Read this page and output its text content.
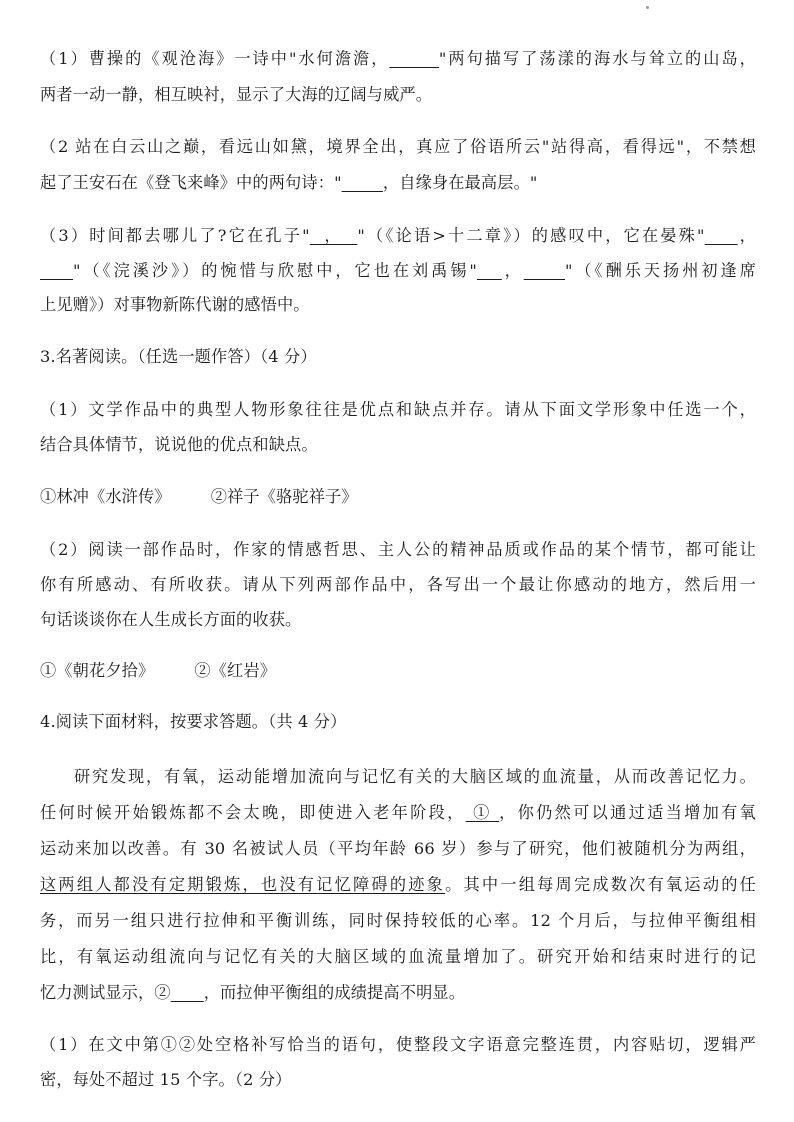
（1）曹操的《观沧海》一诗中"水何澹澹，______"两句描写了荡漾的海水与耸立的山岛，
两者一动一静，相互映衬，显示了大海的辽阔与威严。
（2 站在白云山之巅，看远山如黛，境界全出，真应了俗语所云"站得高，看得远"，不禁想
起了王安石在《登飞来峰》中的两句诗："_____，自缘身在最高层。"
（3）时间都去哪儿了?它在孔子"  ，  "（《论语>十二章》）的感叹中，它在晏殊"____，
____"（《浣溪沙》）的惋惜与欣慰中，它也在刘禹锡"___，_____"（《酬乐天扬州初逢席
上见赠》）对事物新陈代谢的感悟中。
3.名著阅读。（任选一题作答）（4 分）
（1）文学作品中的典型人物形象往往是优点和缺点并存。请从下面文学形象中任选一个，
结合具体情节，说说他的优点和缺点。
①林冲《水浒传》 ②祥子《骆驼祥子》
（2）阅读一部作品时，作家的情感哲思、主人公的精神品质或作品的某个情节，都可能让
你有所感动、有所收获。请从下列两部作品中，各写出一个最让你感动的地方，然后用一
句话谈谈你在人生成长方面的收获。
①《朝花夕拾》 ②《红岩》
4.阅读下面材料，按要求答题。（共 4 分）
研究发现，有氧，运动能增加流向与记忆有关的大脑区域的血流量，从而改善记忆力。
任何时候开始锻炼都不会太晚，即使进入老年阶段， ① ，你仍然可以通过适当增加有氧
运动来加以改善。有 30 名被试人员（平均年龄 66 岁）参与了研究，他们被随机分为两组，
这两组人都没有定期锻炼，也没有记忆障碍的迹象。其中一组每周完成数次有氧运动的任
务，而另一组只进行拉伸和平衡训练，同时保持较低的心率。12 个月后，与拉伸平衡组相
比，有氧运动组流向与记忆有关的大脑区域的血流量增加了。研究开始和结束时进行的记
忆力测试显示，②____，而拉伸平衡组的成绩提高不明显。
（1）在文中第①②处空格补写恰当的语句，使整段文字语意完整连贯，内容贴切，逻辑严
密，每处不超过 15 个字。（2 分）
